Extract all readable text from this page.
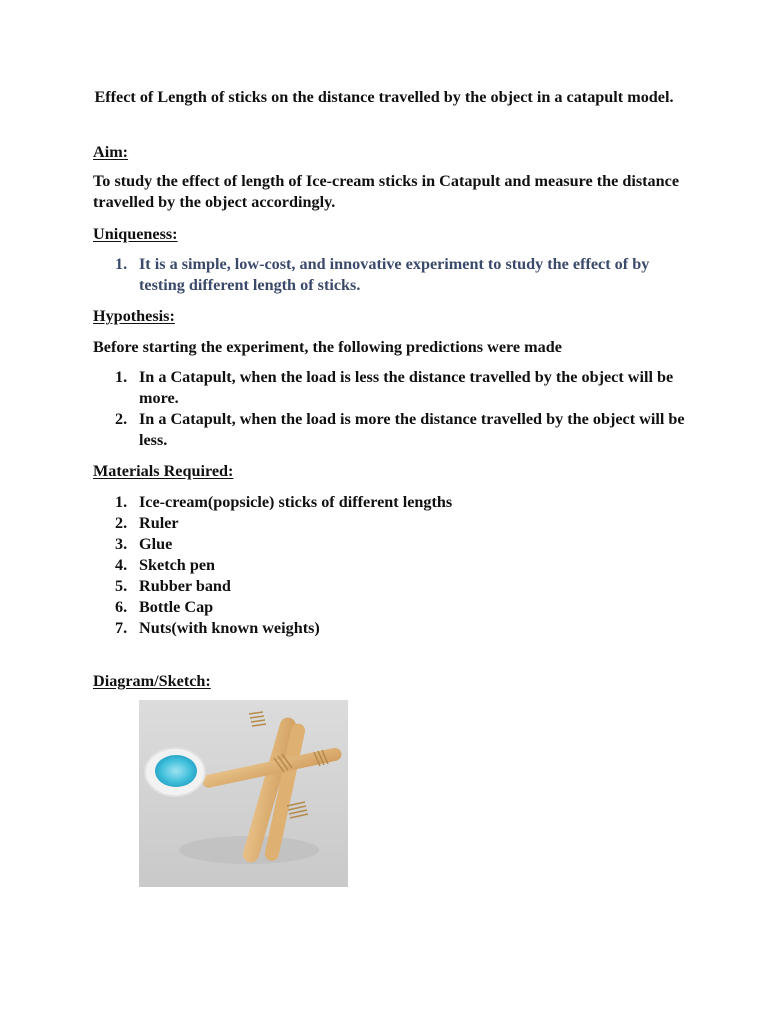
Effect of Length of sticks on the distance travelled by the object in a catapult model.
Aim:
To study the effect of length of Ice-cream sticks in Catapult and measure the distance travelled by the object accordingly.
Uniqueness:
1. It is a simple, low-cost, and innovative experiment to study the effect of by testing different length of sticks.
Hypothesis:
Before starting the experiment, the following predictions were made
1. In a Catapult, when the load is less the distance travelled by the object will be more.
2. In a Catapult, when the load is more the distance travelled by the object will be less.
Materials Required:
1. Ice-cream(popsicle) sticks of different lengths
2. Ruler
3. Glue
4. Sketch pen
5. Rubber band
6. Bottle Cap
7. Nuts(with known weights)
Diagram/Sketch:
